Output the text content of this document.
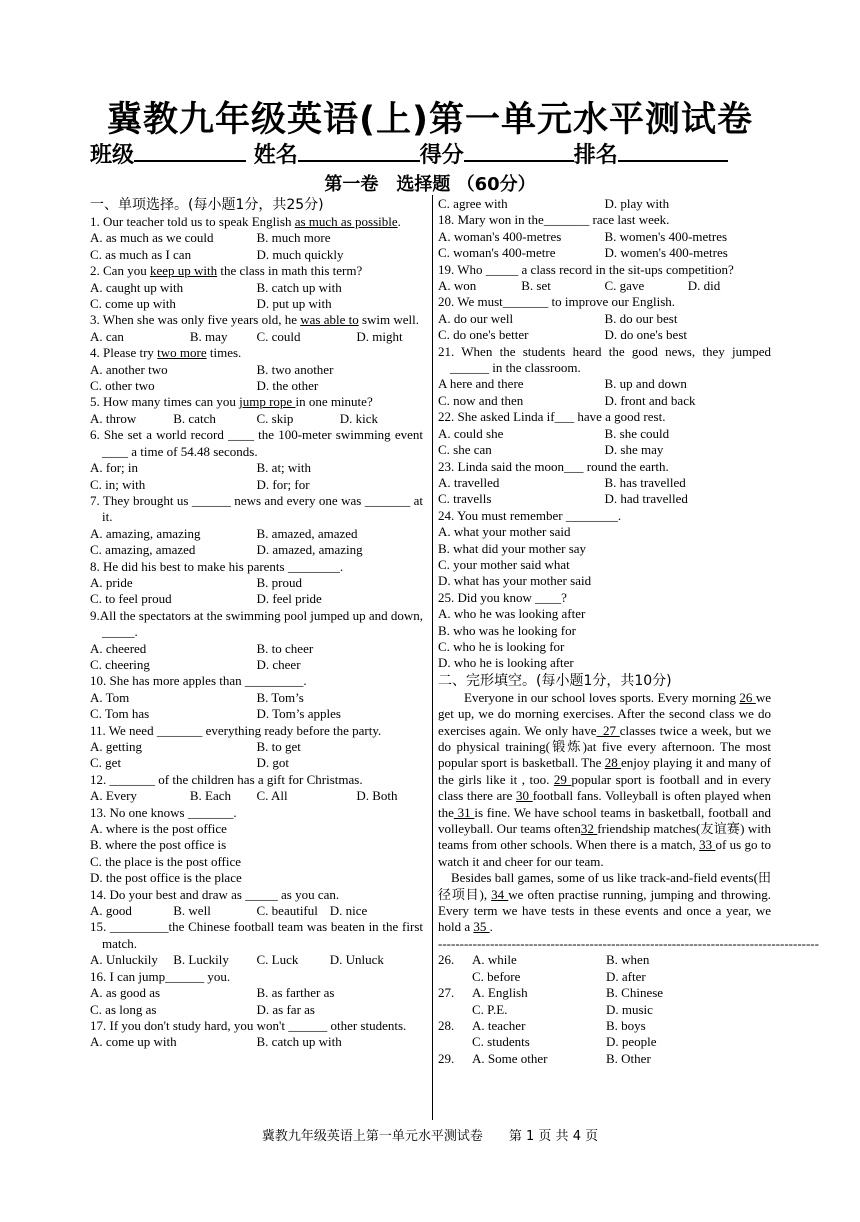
冀教九年级英语(上)第一单元水平测试卷
班级	姓名	得分	排名
第一卷　选择题 （60分）
一、单项选择。(每小题1分，共25分)
1. Our teacher told us to speak English as much as possible.
A. as much as we could	B. much more
C. as much as I can	D. much quickly
2. Can you keep up with the class in math this term?
A. caught up with	B. catch up with
C. come up with	D. put up with
3. When she was only five years old, he was able to swim well.
A. can	B. may	C. could	D. might
4. Please try two more times.
A. another two	B. two another
C. other two	D. the other
5. How many times can you jump rope in one minute?
A. throw	B. catch	C. skip	D. kick
6. She set a world record ____ the 100-meter swimming event ____ a time of 54.48 seconds.
A. for; in	B. at; with
C. in; with	D. for; for
7. They brought us ______ news and every one was _______ at it.
A. amazing, amazing	B. amazed, amazed
C. amazing, amazed	D. amazed, amazing
8. He did his best to make his parents ________.
A. pride	B. proud
C. to feel proud	D. feel pride
9.All the spectators at the swimming pool jumped up and down, _____.
A. cheered	B. to cheer
C. cheering	D. cheer
10. She has more apples than _________.
A. Tom	B. Tom’s
C. Tom has	D. Tom’s apples
11. We need _______ everything ready before the party.
A. getting	B. to get
C. get	D. got
12. _______ of the children has a gift for Christmas.
A. Every	B. Each	C. All	D. Both
13. No one knows _______.
A. where is the post office
B. where the post office is
C. the place is the post office
D. the post office is the place
14. Do your best and draw as _____ as you can.
A. good	B. well	C. beautiful D. nice
15. _________the Chinese football team was beaten in the first match.
A. Unluckily	B. Luckily	C. Luck	D. Unluck
16. I can jump______ you.
A. as good as	B. as farther as
C. as long as	D. as far as
17. If you don't study hard, you won't ______ other students.
A. come up with	B. catch up with
C. agree with	D. play with
18. Mary won in the_______ race last week.
A. woman's 400-metres	B. women's 400-metres
C. woman's 400-metre	D. women's 400-metres
19. Who _____ a class record in the sit-ups competition?
A. won	B. set	C. gave	D. did
20. We must_______ to improve our English.
A. do our well	B. do our best
C. do one's better	D. do one's best
21. When the students heard the good news, they jumped ______ in the classroom.
A here and there	B. up and down
C. now and then	D. front and back
22. She asked Linda if___ have a good rest.
A. could she	B. she could
C. she can	D. she may
23. Linda said the moon___ round the earth.
A. travelled	B. has travelled
C. travells	D. had travelled
24. You must remember ________.
A. what your mother said
B. what did your mother say
C. your mother said what
D. what has your mother said
25. Did you know ____?
A. who he was looking after
B. who was he looking for
C. who he is looking for
D. who he is looking after
二、完形填空。(每小题1分，共10分)
Everyone in our school loves sports. Every morning 26 we get up, we do morning exercises. After the second class we do exercises again. We only have_27 classes twice a week, but we do physical training(锻炼)at five every afternoon. The most popular sport is basketball. The 28 enjoy playing it and many of the girls like it , too. 29 popular sport is football and in every class there are 30 football fans. Volleyball is often played when the 31 is fine. We have school teams in basketball, football and volleyball. Our teams often32 friendship matches(友谊赛) with teams from other schools. When there is a match, 33 of us go to watch it and cheer for our team.
Besides ball games, some of us like track-and-field events(田径项目), 34 we often practise running, jumping and throwing. Every term we have tests in these events and once a year, we hold a 35 .
----------------------------------------------------------------------------------------
26.	A. while	B. when
C. before	D. after
27.	A. English	B. Chinese
C. P.E.	D. music
28.	A. teacher	B. boys
C. students	D. people
29.	A. Some other	B. Other
冀教九年级英语上第一单元水平测试卷　　第 1 页 共 4 页
